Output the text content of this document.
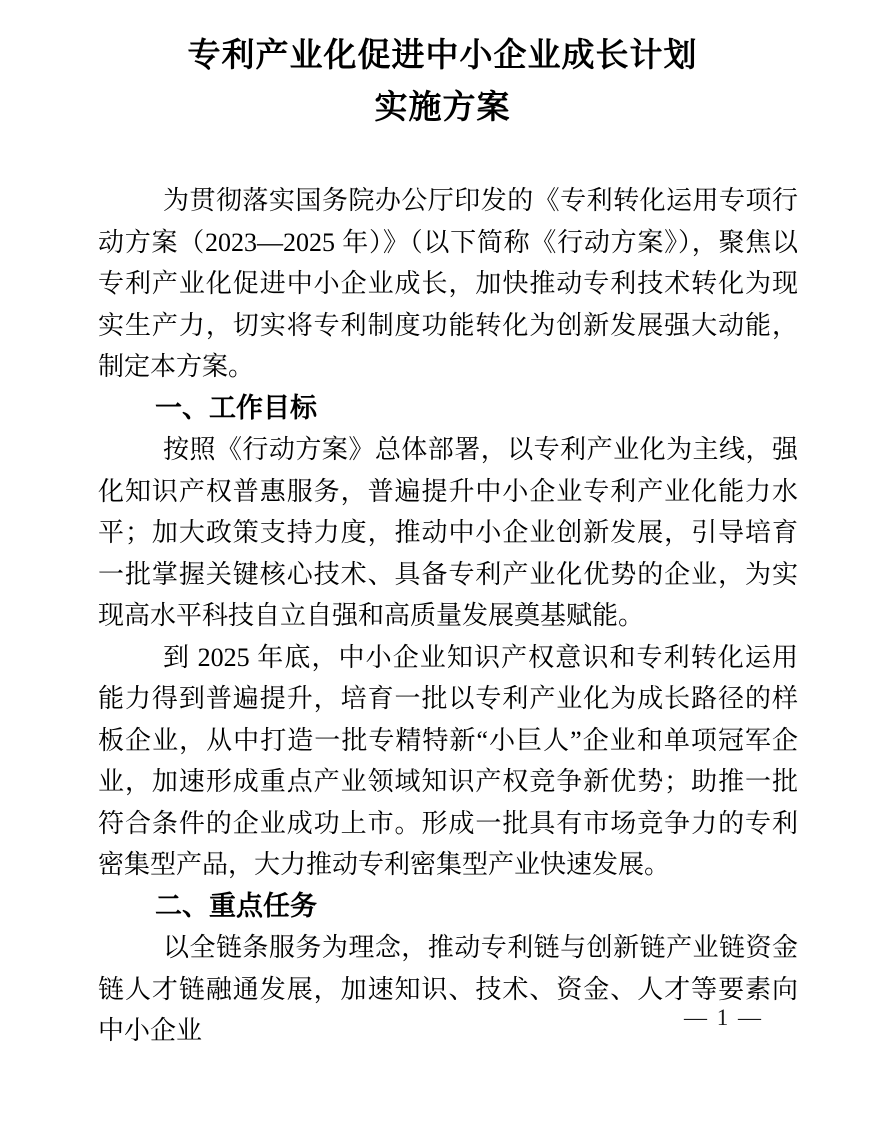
专利产业化促进中小企业成长计划
实施方案

为贯彻落实国务院办公厅印发的《专利转化运用专项行动方案（2023—2025 年）》（以下简称《行动方案》），聚焦以专利产业化促进中小企业成长，加快推动专利技术转化为现实生产力，切实将专利制度功能转化为创新发展强大动能，制定本方案。

一、工作目标

按照《行动方案》总体部署，以专利产业化为主线，强化知识产权普惠服务，普遍提升中小企业专利产业化能力水平；加大政策支持力度，推动中小企业创新发展，引导培育一批掌握关键核心技术、具备专利产业化优势的企业，为实现高水平科技自立自强和高质量发展奠基赋能。

到 2025 年底，中小企业知识产权意识和专利转化运用能力得到普遍提升，培育一批以专利产业化为成长路径的样板企业，从中打造一批专精特新“小巨人”企业和单项冠军企业，加速形成重点产业领域知识产权竞争新优势；助推一批符合条件的企业成功上市。形成一批具有市场竞争力的专利密集型产品，大力推动专利密集型产业快速发展。

二、重点任务

以全链条服务为理念，推动专利链与创新链产业链资金链人才链融通发展，加速知识、技术、资金、人才等要素向中小企业	— 1 —
